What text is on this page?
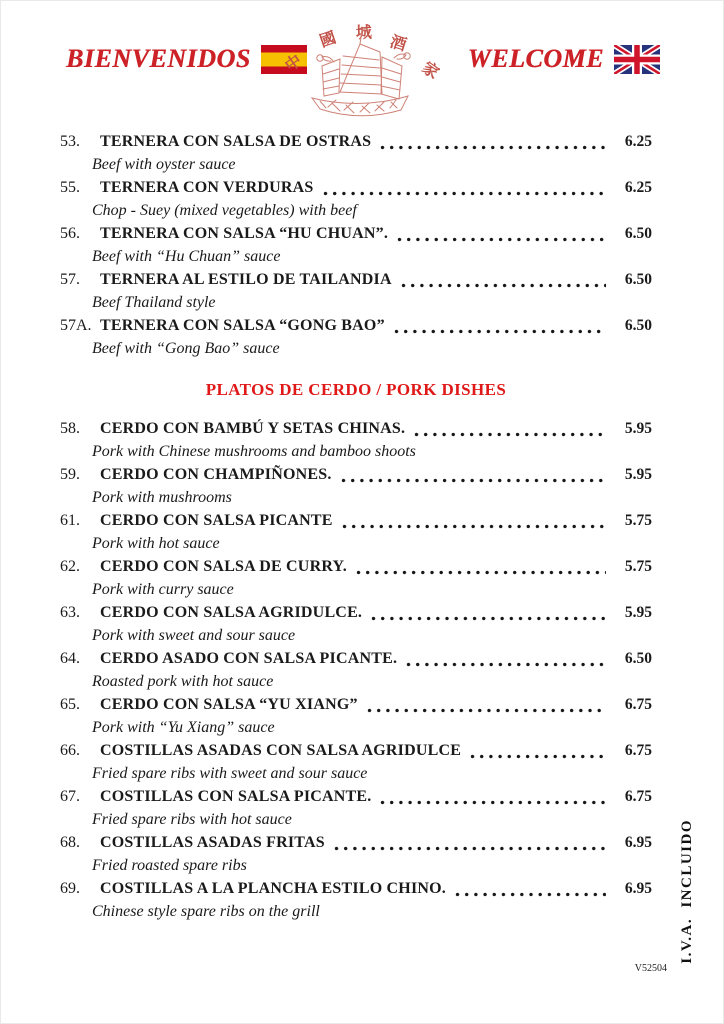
BIENVENIDOS 中
國 城
酒
家 WELCOME
53.	TERNERA CON SALSA DE OSTRAS	6.25
Beef with oyster sauce
55.	TERNERA CON VERDURAS	6.25
Chop - Suey (mixed vegetables) with beef
56.	TERNERA CON SALSA “HU CHUAN”.	6.50
Beef with “Hu Chuan” sauce
57.	TERNERA AL ESTILO DE TAILANDIA	6.50
Beef Thailand style
57A. TERNERA CON SALSA “GONG BAO”	6.50
Beef with “Gong Bao” sauce
PLATOS DE CERDO / PORK DISHES
58.	CERDO CON BAMBÚ Y SETAS CHINAS.	5.95
Pork with Chinese mushrooms and bamboo shoots
59.	CERDO CON CHAMPIÑONES.	5.95
Pork with mushrooms
61.	CERDO CON SALSA PICANTE	5.75
Pork with hot sauce
62.	CERDO CON SALSA DE CURRY.	5.75
Pork with curry sauce
63.	CERDO CON SALSA AGRIDULCE.	5.95
Pork with sweet and sour sauce
64.	CERDO ASADO CON SALSA PICANTE.	6.50
Roasted pork with hot sauce
65.	CERDO CON SALSA “YU XIANG”	6.75
Pork with “Yu Xiang” sauce
66.	COSTILLAS ASADAS CON SALSA AGRIDULCE	6.75
Fried spare ribs with sweet and sour sauce
67.	COSTILLAS CON SALSA PICANTE.	6.75
Fried spare ribs with hot sauce
68.	COSTILLAS ASADAS FRITAS	6.95
Fried roasted spare ribs
69.	COSTILLAS A LA PLANCHA ESTILO CHINO.	6.95
Chinese style spare ribs on the grill	I.V.A. INCLUIDO
V52504
